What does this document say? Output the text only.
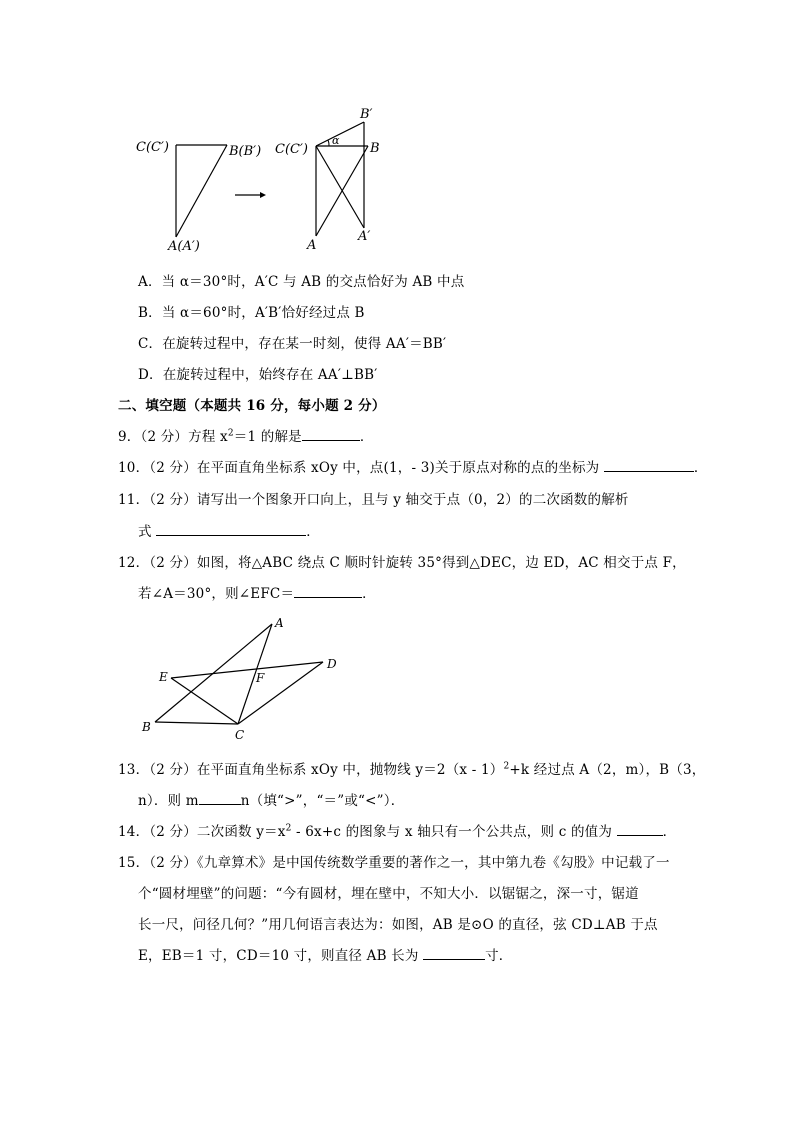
C(C′)	B(B′)
A(A′)
α
B′
C(C′)	B
A
A′
A．当 α＝30°时，A′C 与 AB 的交点恰好为 AB 中点
B．当 α＝60°时，A′B′恰好经过点 B
C．在旋转过程中，存在某一时刻，使得 AA′＝BB′
D．在旋转过程中，始终存在 AA′⊥BB′
二、填空题（本题共 16 分，每小题 2 分）
9．（2 分）方程 $x^2=1$ 的解是	．
10．（2 分）在平面直角坐标系 xOy 中，点(1，- 3)关于原点对称的点的坐标为	．
11．（2 分）请写出一个图象开口向上，且与 y 轴交于点（0，2）的二次函数的解析
式	．
12．（2 分）如图，将△ABC 绕点 C 顺时针旋转 35°得到△DEC，边 ED，AC 相交于点 F，
若∠A＝30°，则∠EFC＝	．
A
D
E	F
B
C
13．（2 分）在平面直角坐标系 xOy 中，抛物线 y＝2（x - 1）$^2$+k 经过点 A（2，m），B（3，
n）．则 m	n（填“>”，“＝”或“<”）．
14．（2 分）二次函数 $y=x^2 - 6x+c$ 的图象与 x 轴只有一个公共点，则 c 的值为	．
15．（2 分）《九章算术》是中国传统数学重要的著作之一，其中第九卷《勾股》中记载了一
个“圆材埋壁”的问题：“今有圆材，埋在壁中，不知大小．以锯锯之，深一寸，锯道
长一尺，问径几何？”用几何语言表达为：如图，AB 是⊙O 的直径，弦 CD⊥AB 于点
E，EB＝1 寸，CD＝10 寸，则直径 AB 长为	寸．
